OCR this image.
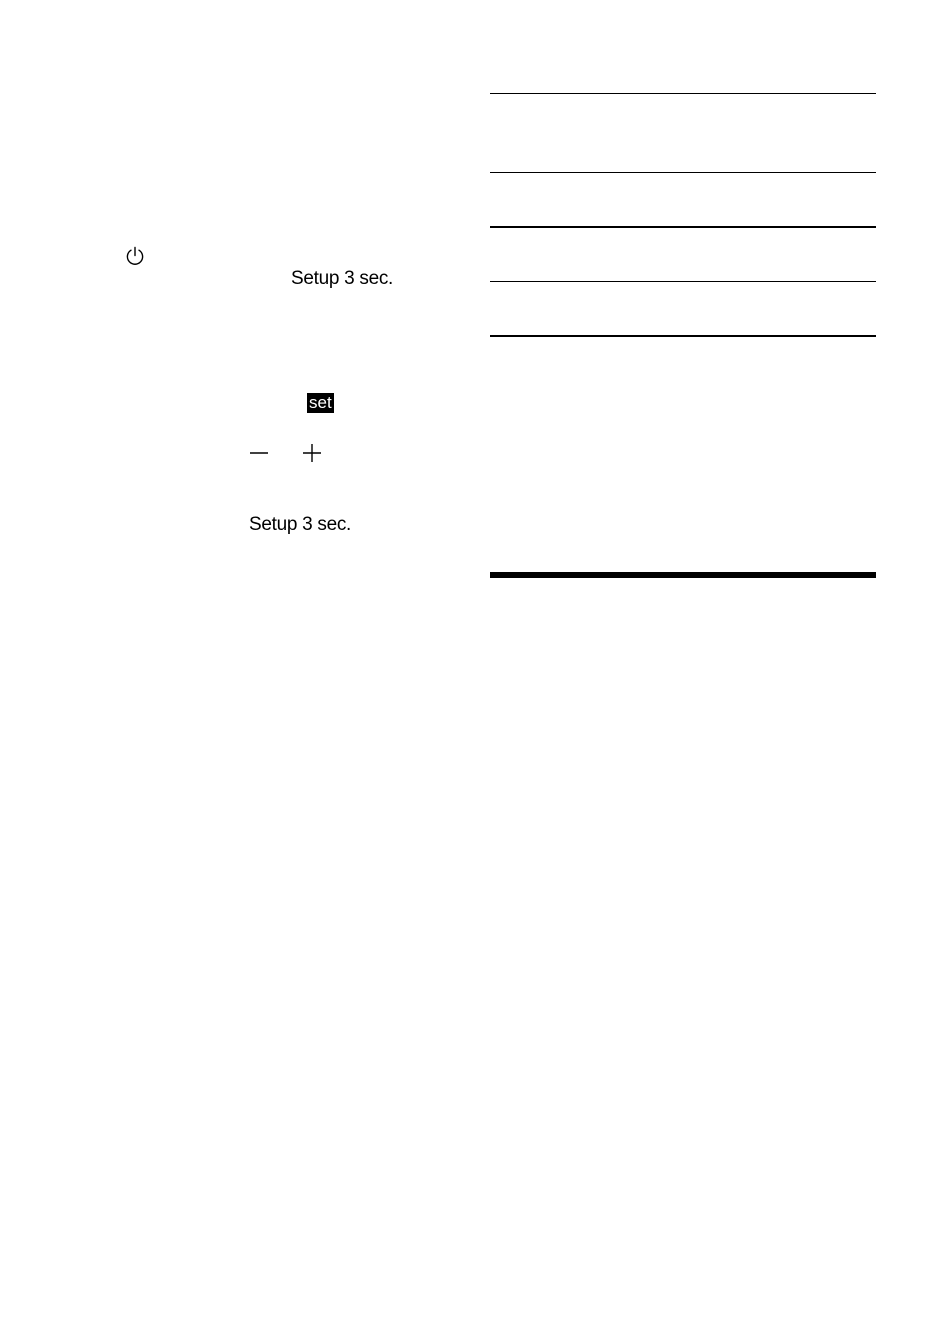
Setup 3 sec.
set
Setup 3 sec.
